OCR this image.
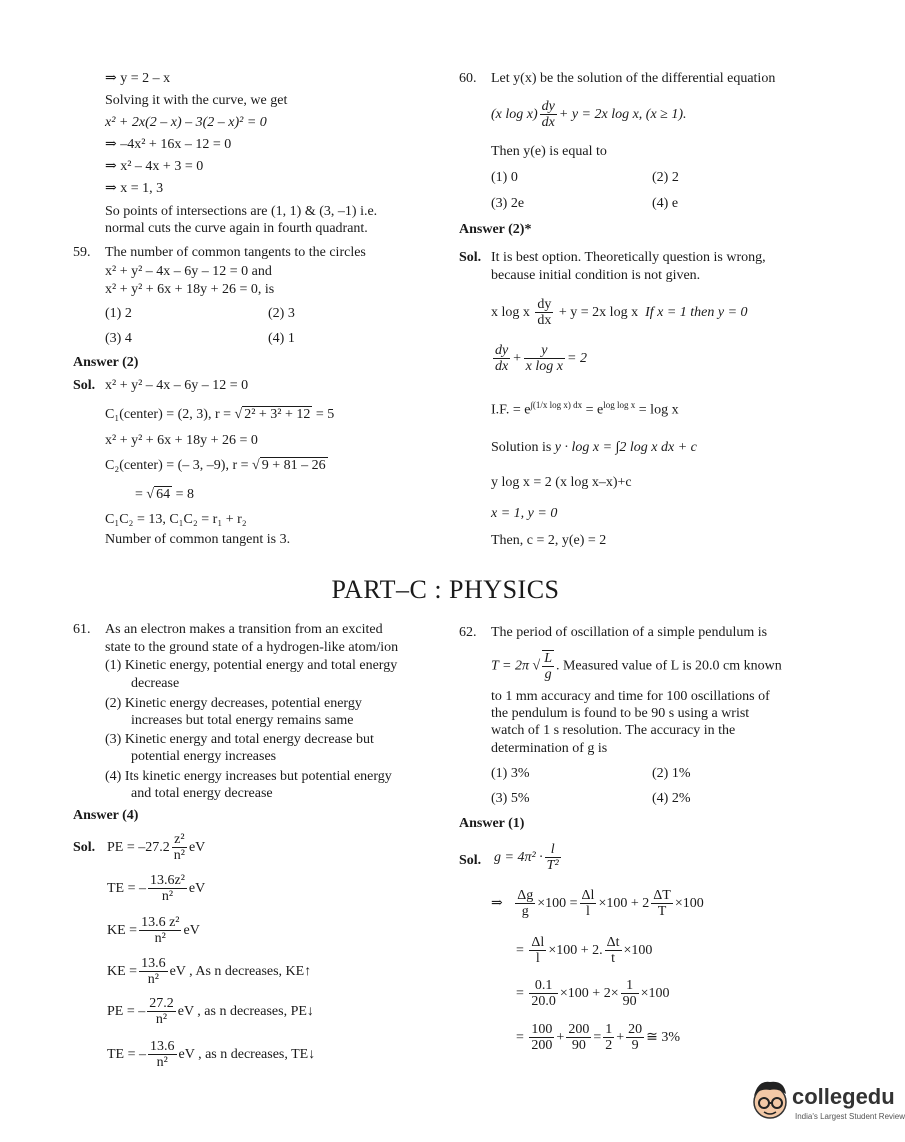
⇒ y = 2 – x
Solving it with the curve, we get
x² + 2x(2 – x) – 3(2 – x)² = 0
⇒ –4x² + 16x – 12 = 0
⇒ x² – 4x + 3 = 0
⇒ x = 1, 3
So points of intersections are (1, 1) & (3, –1) i.e.
normal cuts the curve again in fourth quadrant.
59. The number of common tangents to the circles
x² + y² – 4x – 6y – 12 = 0 and
x² + y² + 6x + 18y + 26 = 0, is
(1) 2	(2) 3
(3) 4	(4) 1
Answer (2)
Sol. x² + y² – 4x – 6y – 12 = 0
C₁(center) = (2, 3), r = √ 2² + 3² + 12 = 5
x² + y² + 6x + 18y + 26 = 0
C₂(center) = (– 3, –9), r = √ 9 + 81 – 26
= √ 64 = 8
C₁C₂ = 13, C₁C₂ = r₁ + r₂
Number of common tangent is 3.
60. Let y(x) be the solution of the differential equation
(x $\log x) \frac{dy}{dx} + y = 2x$ log x, (x ≥ 1).
Then y(e) is equal to
(1) 0	(2) 2
(3) 2e	(4) e
Answer (2)*
Sol. It is best option. Theoretically question is wrong,
because initial condition is not given.
x log x $\frac{dy}{dx} + y = 2x$ log x If x = 1 then y = 0
$\frac{dy}{dx} + \frac{y}{\text{x log x}} = 2$
I.F. = $e^{\int(1/x log x) dx} = e^{log log x} = \log x$
Solution is y · log x = ∫2 log x dx + c
y log x = 2 (x log x–x)+c
x = 1, y = 0
Then, c = 2, y(e) = 2
PART–C : PHYSICS
61. As an electron makes a transition from an excited
state to the ground state of a hydrogen-like atom/ion
(1) Kinetic energy, potential energy and total energy
decrease
(2) Kinetic energy decreases, potential energy
increases but total energy remains same
(3) Kinetic energy and total energy decrease but
potential energy increases
(4) Its kinetic energy increases but potential energy
and total energy decrease
Answer (4)
Sol. PE = $-27.2 \frac{\text{z²}}{\text{n²}}$ eV
TE = – $\frac{\text{13.6z²}}{\text{n²}}$ eV
KE = $\frac{\text{13.6 z²}}{\text{n²}}$ eV
KE = $\frac{13.6}{\text{n²}}$ eV , As n decreases, KE↑
PE = – $\frac{27.2}{\text{n²}}$ eV , as n decreases, PE↓
TE = – $\frac{13.6}{\text{n²}}$ eV , as n decreases, TE↓
62. The period of oscillation of a simple pendulum is
T = 2π √ $\frac{L}{g}$ . Measured value of L is 20.0 cm known
to 1 mm accuracy and time for 100 oscillations of
the pendulum is found to be 90 s using a wrist
watch of 1 s resolution. The accuracy in the
determination of g is
(1) 3%	(2) 1%
(3) 5%	(4) 2%
Answer (1)
Sol. $g = 4\pi^2 \cdot \frac{l}{\text{T²}}$
⇒ $\frac{\Delta g}{g} \times 100 = \frac{\Delta l}{l} \times 100 + 2 \frac{\Delta T}{T} \times 100$
= $\frac{\Delta l}{l} \times 100 + 2$. $\frac{\Delta t}{t} \times 100$
= $\frac{0.1}{20.0} \times 100 + 2\times \frac{1}{90} \times 100$
= $\frac{100}{200} + \frac{200}{90} = \frac{1}{2} + \frac{20}{9}$ ≅ 3%
collegedu
India's Largest Student Review
